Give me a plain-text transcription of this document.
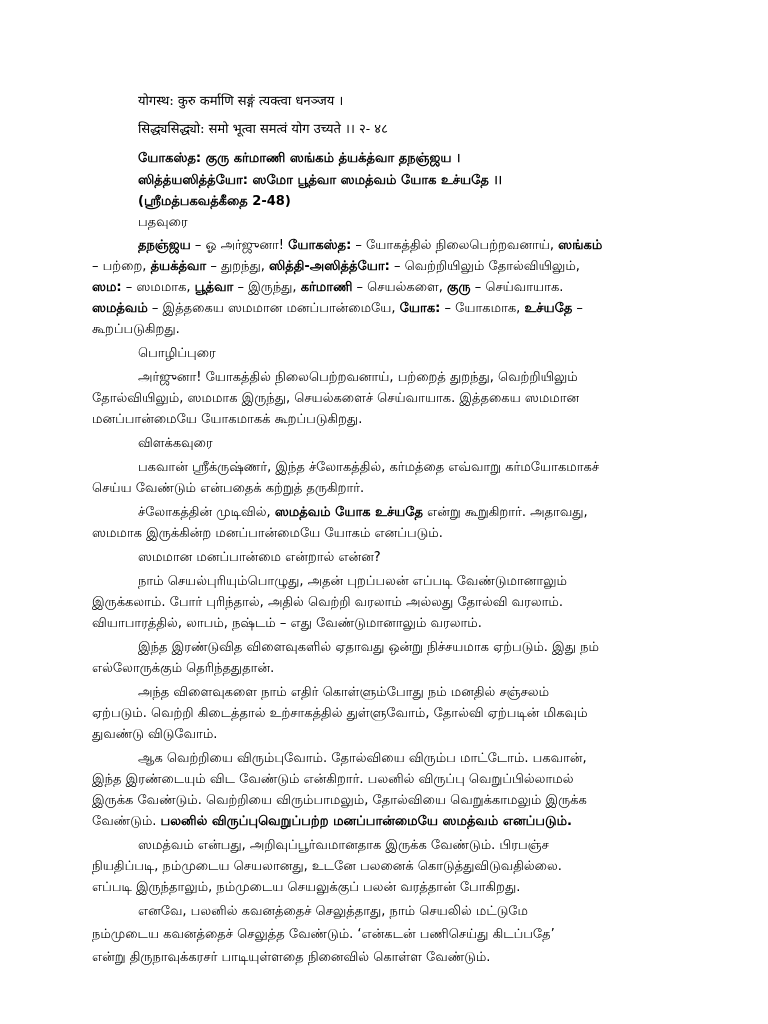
योगस्थ: कुरु कर्माणि सङ्गं त्यक्त्वा धनञ्जय ।
सिद्ध्यसिद्ध्यो: समो भूत्वा समत्वं योग उच्यते ।। २- ४८
யோகஸ்த: குரு கர்மாணி ஸங்கம் த்யக்த்வா தநஞ்ஜய ।
ஸித்த்யஸித்த்யோ: ஸமோ பூத்வா ஸமத்வம் யோக உச்யதே ।।
(ஸ்ரீமத்பகவத்கீதை 2-48)
பதவுரை
தநஞ்ஜய – ஓ அர்ஜுனா! யோகஸ்த: – யோகத்தில் நிலைபெற்றவனாய், ஸங்கம்
– பற்றை, த்யக்த்வா – துறந்து, ஸித்தி-அஸித்த்யோ: – வெற்றியிலும் தோல்வியிலும்,
ஸம: – ஸமமாக, பூத்வா – இருந்து, கர்மாணி – செயல்களை, குரு – செய்வாயாக.
ஸமத்வம் – இத்தகைய ஸமமான மனப்பான்மையே, யோக: – யோகமாக, உச்யதே –
கூறப்படுகிறது.
பொழிப்புரை
அர்ஜுனா! யோகத்தில் நிலைபெற்றவனாய், பற்றைத் துறந்து, வெற்றியிலும்
தோல்வியிலும், ஸமமாக இருந்து, செயல்களைச் செய்வாயாக. இத்தகைய ஸமமான
மனப்பான்மையே யோகமாகக் கூறப்படுகிறது.
விளக்கவுரை
பகவான் ஸ்ரீக்ருஷ்ணர், இந்த ச்லோகத்தில், கர்மத்தை எவ்வாறு கர்மயோகமாகச்
செய்ய வேண்டும் என்பதைக் கற்றுத் தருகிறார்.
ச்லோகத்தின் முடிவில், ஸமத்வம் யோக உச்யதே என்று கூறுகிறார். அதாவது,
ஸமமாக இருக்கின்ற மனப்பான்மையே யோகம் எனப்படும்.
ஸமமான மனப்பான்மை என்றால் என்ன?
நாம் செயல்புரியும்பொழுது, அதன் புறப்பலன் எப்படி வேண்டுமானாலும்
இருக்கலாம். போர் புரிந்தால், அதில் வெற்றி வரலாம் அல்லது தோல்வி வரலாம்.
வியாபாரத்தில், லாபம், நஷ்டம் – எது வேண்டுமானாலும் வரலாம்.
இந்த இரண்டுவித விளைவுகளில் ஏதாவது ஒன்று நிச்சயமாக ஏற்படும். இது நம்
எல்லோருக்கும் தெரிந்ததுதான்.
அந்த விளைவுகளை நாம் எதிர் கொள்ளும்போது நம் மனதில் சஞ்சலம்
ஏற்படும். வெற்றி கிடைத்தால் உற்சாகத்தில் துள்ளுவோம், தோல்வி ஏற்படின் மிகவும்
துவண்டு விடுவோம்.
ஆக வெற்றியை விரும்புவோம். தோல்வியை விரும்ப மாட்டோம். பகவான்,
இந்த இரண்டையும் விட வேண்டும் என்கிறார். பலனில் விருப்பு வெறுப்பில்லாமல்
இருக்க வேண்டும். வெற்றியை விரும்பாமலும், தோல்வியை வெறுக்காமலும் இருக்க
வேண்டும். பலனில் விருப்புவெறுப்பற்ற மனப்பான்மையே ஸமத்வம் எனப்படும்.
ஸமத்வம் என்பது, அறிவுப்பூர்வமானதாக இருக்க வேண்டும். பிரபஞ்ச
நியதிப்படி, நம்முடைய செயலானது, உடனே பலனைக் கொடுத்துவிடுவதில்லை.
எப்படி இருந்தாலும், நம்முடைய செயலுக்குப் பலன் வரத்தான் போகிறது.
எனவே, பலனில் கவனத்தைச் செலுத்தாது, நாம் செயலில் மட்டுமே
நம்முடைய கவனத்தைச் செலுத்த வேண்டும். ‘என்கடன் பணிசெய்து கிடப்பதே’
என்று திருநாவுக்கரசர் பாடியுள்ளதை நினைவில் கொள்ள வேண்டும்.
